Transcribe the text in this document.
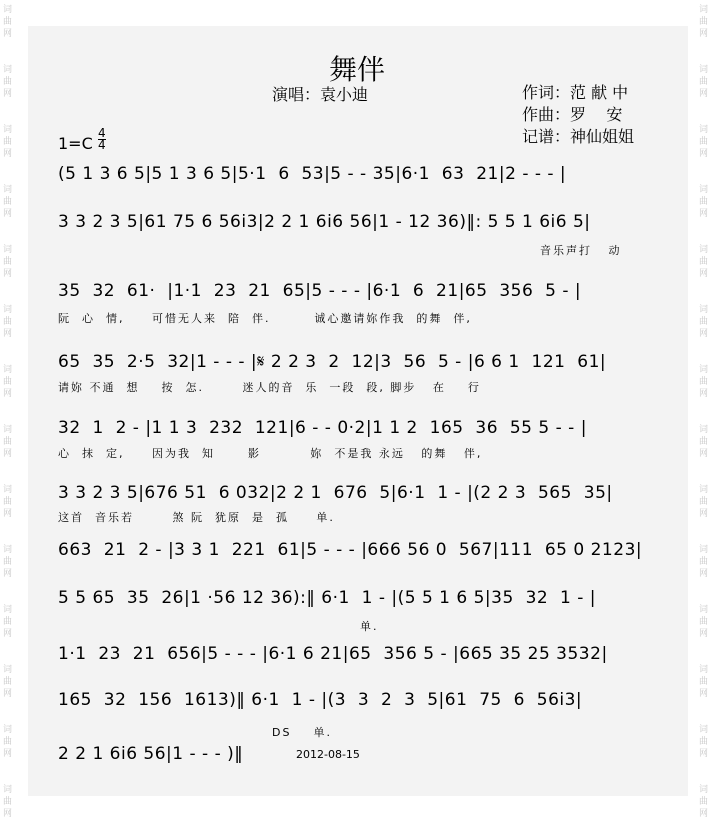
词
曲
网
词
曲
网
词
曲
网
词
曲
网
词
曲
网
词
曲
网
词
曲
网
词
曲
网
词
曲
网
词
曲
网
词
曲
网
词
曲
网
词
曲
网
词
曲
网
词
曲
网
词
曲
网
词
曲
网
词
曲
网
词
曲
网
词
曲
网
词
曲
网
词
曲
网
词
曲
网
词
曲
网
词
曲
网
词
曲
网
词
曲
网
词
曲
网
舞伴
演唱：袁小迪	作词：范 献 中
作曲：罗    安
记谱：神仙姐姐
1=C
4
4
(5 1 3 6 5|5 1 3 6 5|5·1  6  53|5 - - 35|6·1  63  21|2 - - - |
3 3 2 3 5|61 75 6 56i3|2 2 1 6i6 56|1 - 12 36)‖: 5 5 1 6i6 5|
音乐声打   动
35  32  61·  |1·1  23  21  65|5 - - - |6·1  6  21|65  356  5 - |
阮  心  情,     可惜无人来  陪  伴.        诚心邀请妳作我  的舞  伴,
65  35  2·5  32|1 - - - |𝄋 2 2 3  2  12|3  56  5 - |6 6 1  121  61|
请妳 不通  想    按  怎.       迷人的音  乐  一段  段, 脚步   在    行
32  1  2 - |1 1 3  232  121|6 - - 0·2|1 1 2  165  36  55 5 - - |
心  抹  定,     因为我  知      影         妳  不是我 永远   的舞   伴,
3 3 2 3 5|676 51  6 032|2 2 1  676  5|6·1  1 - |(2 2 3  565  35|
这首  音乐若       煞 阮  犹原  是  孤     单.
663  21  2 - |3 3 1  221  61|5 - - - |666 56 0  567|111  65 0 2123|
5 5 65  35  26|1 ·56 12 36):‖ 6·1  1 - |(5 5 1 6 5|35  32  1 - |
单.
1·1  23  21  656|5 - - - |6·1 6 21|65  356 5 - |665 35 25 3532|
165  32  156  1613)‖ 6·1  1 - |(3  3  2  3  5|61  75  6  56i3|
DS    单.
2 2 1 6i6 56|1 - - - )‖	2012-08-15
